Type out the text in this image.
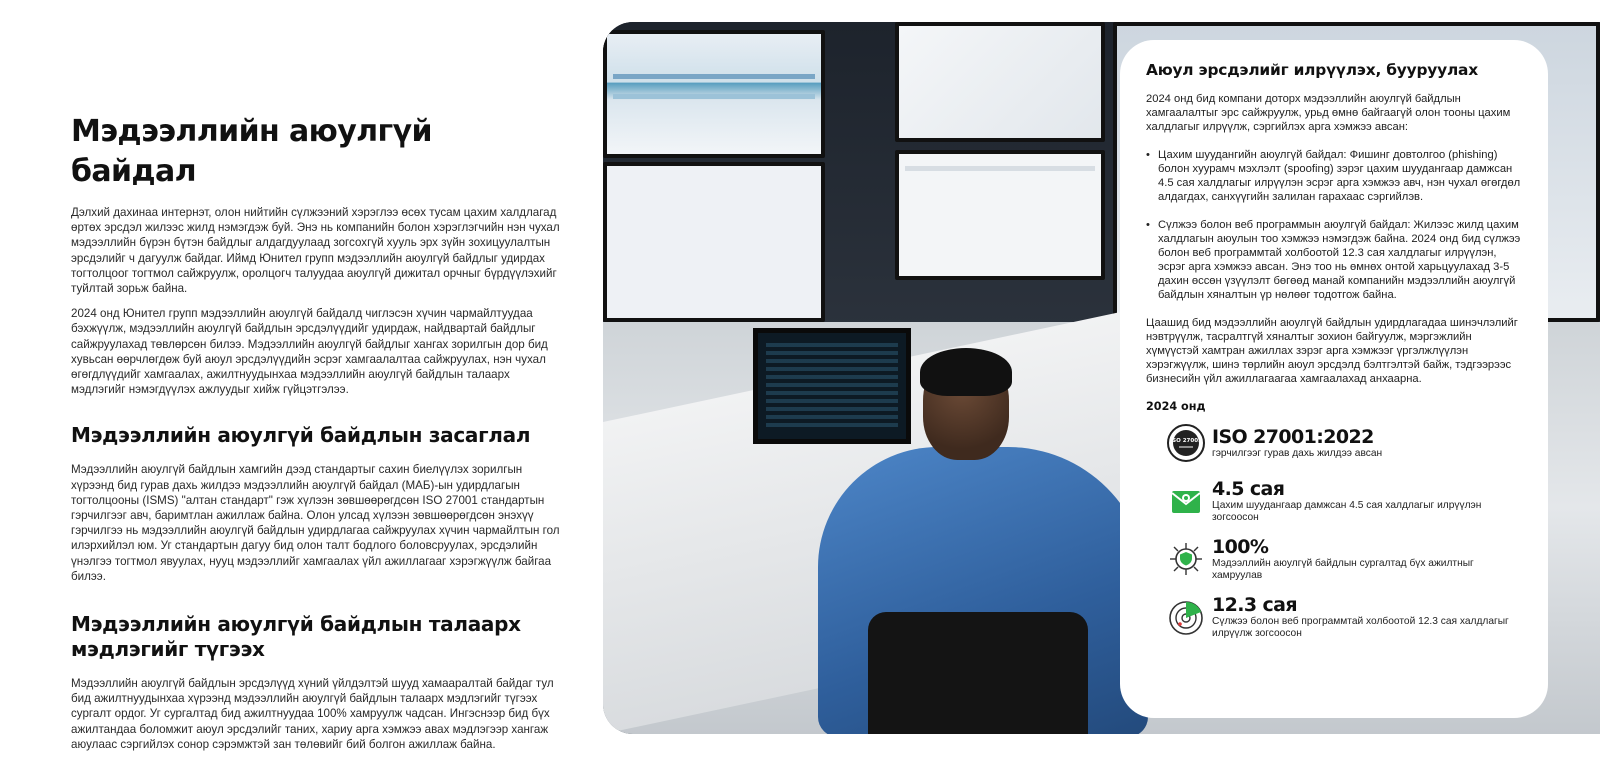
Мэдээллийн аюулгүй байдал

Дэлхий дахинаа интернэт, олон нийтийн сүлжээний хэрэглээ өсөх тусам цахим халдлагад өртөх эрсдэл жилээс жилд нэмэгдэж буй. Энэ нь компанийн болон хэрэглэгчийн нэн чухал мэдээллийн бүрэн бүтэн байдлыг алдагдуулаад зогсохгүй хууль эрх зүйн зохицуулалтын эрсдэлийг ч дагуулж байдаг. Иймд Юнител групп мэдээллийн аюулгүй байдлыг удирдах тогтолцоог тогтмол сайжруулж, оролцогч талуудаа аюулгүй дижитал орчныг бүрдүүлэхийг туйлтай зорьж байна.

2024 онд Юнител групп мэдээллийн аюулгүй байдалд чиглэсэн хүчин чармайлтуудаа бэхжүүлж, мэдээллийн аюулгүй байдлын эрсдэлүүдийг удирдаж, найдвартай байдлыг сайжруулахад төвлөрсөн билээ. Мэдээллийн аюулгүй байдлыг хангах зорилгын дор бид хувьсан өөрчлөгдөж буй аюул эрсдэлүүдийн эсрэг хамгаалалтаа сайжруулах, нэн чухал өгөгдлүүдийг хамгаалах, ажилтнуудынхаа мэдээллийн аюулгүй байдлын талаарх мэдлэгийг нэмэгдүүлэх ажлуудыг хийж гүйцэтгэлээ.

Мэдээллийн аюулгүй байдлын засаглал

Мэдээллийн аюулгүй байдлын хамгийн дээд стандартыг сахин биелүүлэх зорилгын хүрээнд бид гурав дахь жилдээ мэдээллийн аюулгүй байдал (МАБ)-ын удирдлагын тогтолцооны (ISMS) "алтан стандарт" гэж хүлээн зөвшөөрөгдсөн ISO 27001 стандартын гэрчилгээг авч, баримтлан ажиллаж байна. Олон улсад хүлээн зөвшөөрөгдсөн энэхүү гэрчилгээ нь мэдээллийн аюулгүй байдлын удирдлагаа сайжруулах хүчин чармайлтын гол илэрхийлэл юм. Уг стандартын дагуу бид олон талт бодлого боловсруулах, эрсдэлийн үнэлгээ тогтмол явуулах, нууц мэдээллийг хамгаалах үйл ажиллагааг хэрэгжүүлж байгаа билээ.

Мэдээллийн аюулгүй байдлын талаарх мэдлэгийг түгээх

Мэдээллийн аюулгүй байдлын эрсдэлүүд хүний үйлдэлтэй шууд хамааралтай байдаг тул бид ажилтнуудынхаа хүрээнд мэдээллийн аюулгүй байдлын талаарх мэдлэгийг түгээх сургалт ордог. Уг сургалтад бид ажилтнуудаа 100% хамруулж чадсан. Ингэснээр бид бүх ажилтандаа боломжит аюул эрсдэлийг таних, хариу арга хэмжээ авах мэдлэгээр хангаж аюулаас сэргийлэх сонор сэрэмжтэй зан төлөвийг бий болгон ажиллаж байна.

Аюул эрсдэлийг илрүүлэх, бууруулах

2024 онд бид компани доторх мэдээллийн аюулгүй байдлын хамгаалалтыг эрс сайжруулж, урьд өмнө байгаагүй олон тооны цахим халдлагыг илрүүлж, сэргийлэх арга хэмжээ авсан:

• Цахим шуудангийн аюулгүй байдал: Фишинг довтолгоо (phishing) болон хуурамч мэхлэлт (spoofing) зэрэг цахим шуудангаар дамжсан 4.5 сая халдлагыг илрүүлэн эсрэг арга хэмжээ авч, нэн чухал өгөгдөл алдагдах, санхүүгийн залилан гарахаас сэргийлэв.
• Сүлжээ болон веб программын аюулгүй байдал: Жилээс жилд цахим халдлагын аюулын тоо хэмжээ нэмэгдэж байна. 2024 онд бид сүлжээ болон веб программтай холбоотой 12.3 сая халдлагыг илрүүлэн, эсрэг арга хэмжээ авсан. Энэ тоо нь өмнөх онтой харьцуулахад 3-5 дахин өссөн үзүүлэлт бөгөөд манай компанийн мэдээллийн аюулгүй байдлын хяналтын үр нөлөөг тодотгож байна.

Цаашид бид мэдээллийн аюулгүй байдлын удирдлагадаа шинэчлэлийг нэвтрүүлж, тасралтгүй хяналтыг зохион байгуулж, мэргэжлийн хүмүүстэй хамтран ажиллах зэрэг арга хэмжээг үргэлжлүүлэн хэрэгжүүлж, шинэ төрлийн аюул эрсдэлд бэлтгэлтэй байж, тэдгээрээс бизнесийн үйл ажиллагаагаа хамгаалахад анхаарна.

2024 онд
ISO 27001 ISO 27001:2022
гэрчилгээг гурав дахь жилдээ авсан
4.5 сая
Цахим шуудангаар дамжсан 4.5 сая халдлагыг илрүүлэн зогсоосон
100%
Мэдээллийн аюулгүй байдлын сургалтад бүх ажилтныг хамруулав
12.3 сая
Сүлжээ болон веб программтай холбоотой 12.3 сая халдлагыг илрүүлж зогсоосон
